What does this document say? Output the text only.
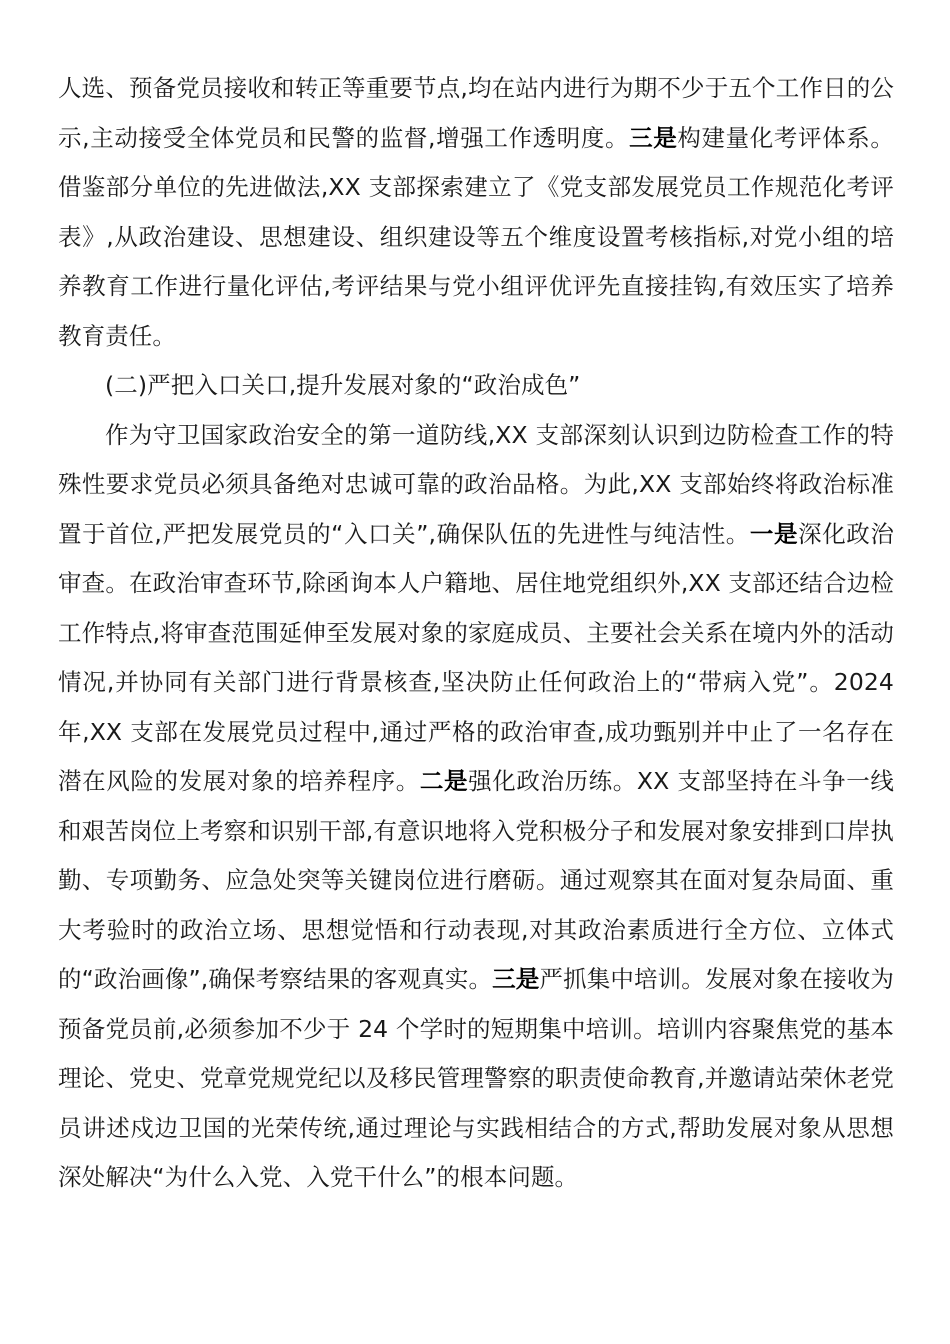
人选、预备党员接收和转正等重要节点,均在站内进行为期不少于五个工作日的公示,主动接受全体党员和民警的监督,增强工作透明度。三是构建量化考评体系。借鉴部分单位的先进做法,XX 支部探索建立了《党支部发展党员工作规范化考评表》,从政治建设、思想建设、组织建设等五个维度设置考核指标,对党小组的培养教育工作进行量化评估,考评结果与党小组评优评先直接挂钩,有效压实了培养教育责任。

(二)严把入口关口,提升发展对象的“政治成色”

作为守卫国家政治安全的第一道防线,XX 支部深刻认识到边防检查工作的特殊性要求党员必须具备绝对忠诚可靠的政治品格。为此,XX 支部始终将政治标准置于首位,严把发展党员的“入口关”,确保队伍的先进性与纯洁性。一是深化政治审查。在政治审查环节,除函询本人户籍地、居住地党组织外,XX 支部还结合边检工作特点,将审查范围延伸至发展对象的家庭成员、主要社会关系在境内外的活动情况,并协同有关部门进行背景核查,坚决防止任何政治上的“带病入党”。2024 年,XX 支部在发展党员过程中,通过严格的政治审查,成功甄别并中止了一名存在潜在风险的发展对象的培养程序。二是强化政治历练。XX 支部坚持在斗争一线和艰苦岗位上考察和识别干部,有意识地将入党积极分子和发展对象安排到口岸执勤、专项勤务、应急处突等关键岗位进行磨砺。通过观察其在面对复杂局面、重大考验时的政治立场、思想觉悟和行动表现,对其政治素质进行全方位、立体式的“政治画像”,确保考察结果的客观真实。三是严抓集中培训。发展对象在接收为预备党员前,必须参加不少于 24 个学时的短期集中培训。培训内容聚焦党的基本理论、党史、党章党规党纪以及移民管理警察的职责使命教育,并邀请站荣休老党员讲述戍边卫国的光荣传统,通过理论与实践相结合的方式,帮助发展对象从思想深处解决“为什么入党、入党干什么”的根本问题。
